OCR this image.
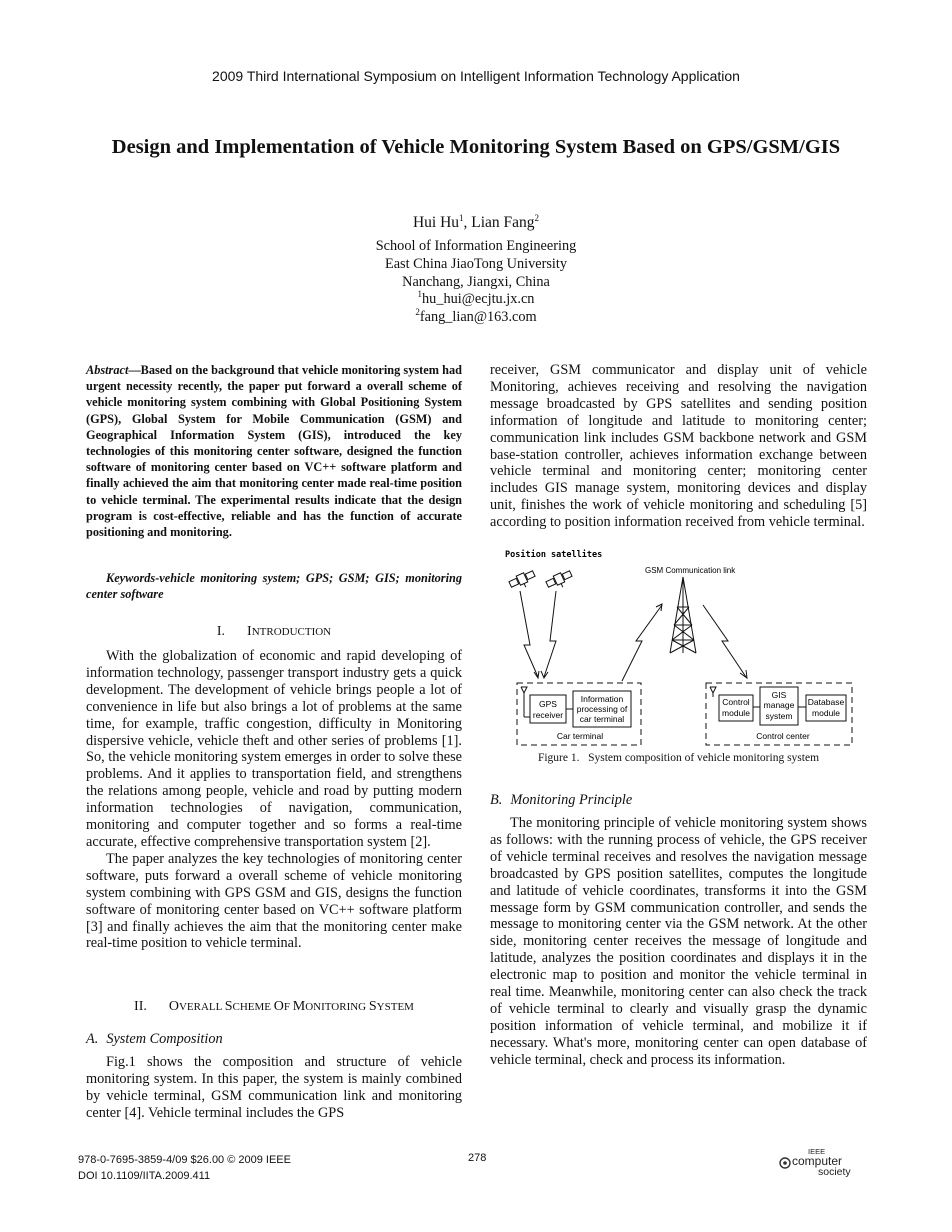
2009 Third International Symposium on Intelligent Information Technology Application
Design and Implementation of Vehicle Monitoring System Based on GPS/GSM/GIS
Hui Hu$^1$, Lian Fang$^2$
School of Information Engineering
East China JiaoTong University
Nanchang, Jiangxi, China
$^1$hu_hui@ecjtu.jx.cn
$^2$fang_lian@163.com
Abstract—Based on the background that vehicle monitoring system had urgent necessity recently, the paper put forward a overall scheme of vehicle monitoring system combining with Global Positioning System (GPS), Global System for Mobile Communication (GSM) and Geographical Information System (GIS), introduced the key technologies of this monitoring center software, designed the function software of monitoring center based on VC++ software platform and finally achieved the aim that monitoring center made real-time position to vehicle terminal. The experimental results indicate that the design program is cost-effective, reliable and has the function of accurate positioning and monitoring.
Keywords-vehicle monitoring system; GPS; GSM; GIS; monitoring center software
I. INTRODUCTION

With the globalization of economic and rapid developing of information technology, passenger transport industry gets a quick development. The development of vehicle brings people a lot of convenience in life but also brings a lot of problems at the same time, for example, traffic congestion, difficulty in Monitoring dispersive vehicle, vehicle theft and other series of problems [1]. So, the vehicle monitoring system emerges in order to solve these problems. And it applies to transportation field, and strengthens the relations among people, vehicle and road by putting modern information technologies of navigation, communication, monitoring and computer together and so forms a real-time accurate, effective comprehensive transportation system [2].

The paper analyzes the key technologies of monitoring center software, puts forward a overall scheme of vehicle monitoring system combining with GPS GSM and GIS, designs the function software of monitoring center based on VC++ software platform [3] and finally achieves the aim that the monitoring center make real-time position to vehicle terminal.

II. OVERALL SCHEME OF MONITORING SYSTEM
A. System Composition

Fig.1 shows the composition and structure of vehicle monitoring system. In this paper, the system is mainly combined by vehicle terminal, GSM communication link and monitoring center [4]. Vehicle terminal includes the GPS

receiver, GSM communicator and display unit of vehicle Monitoring, achieves receiving and resolving the navigation message broadcasted by GPS satellites and sending position information of longitude and latitude to monitoring center; communication link includes GSM backbone network and GSM base-station controller, achieves information exchange between vehicle terminal and monitoring center; monitoring center includes GIS manage system, monitoring devices and display unit, finishes the work of vehicle monitoring and scheduling [5] according to position information received from vehicle terminal.

Position satellites
GSM Communication link
GPS
receiver
Information
processing of
car terminal
Car terminal
Control
module
GIS
manage
system
Database
module
Control center
Figure 1. System composition of vehicle monitoring system
B. Monitoring Principle

The monitoring principle of vehicle monitoring system shows as follows: with the running process of vehicle, the GPS receiver of vehicle terminal receives and resolves the navigation message broadcasted by GPS position satellites, computes the longitude and latitude of vehicle coordinates, transforms it into the GSM message form by GSM communication controller, and sends the message to monitoring center via the GSM network. At the other side, monitoring center receives the message of longitude and latitude, analyzes the position coordinates and displays it in the electronic map to position and monitor the vehicle terminal in real time. Meanwhile, monitoring center can also check the track of vehicle terminal to clearly and visually grasp the dynamic position information of vehicle terminal, and mobilize it if necessary. What's more, monitoring center can open database of vehicle terminal, check and process its information.

978-0-7695-3859-4/09 $26.00 © 2009 IEEE
DOI 10.1109/IITA.2009.411
278
IEEE
computer
society
